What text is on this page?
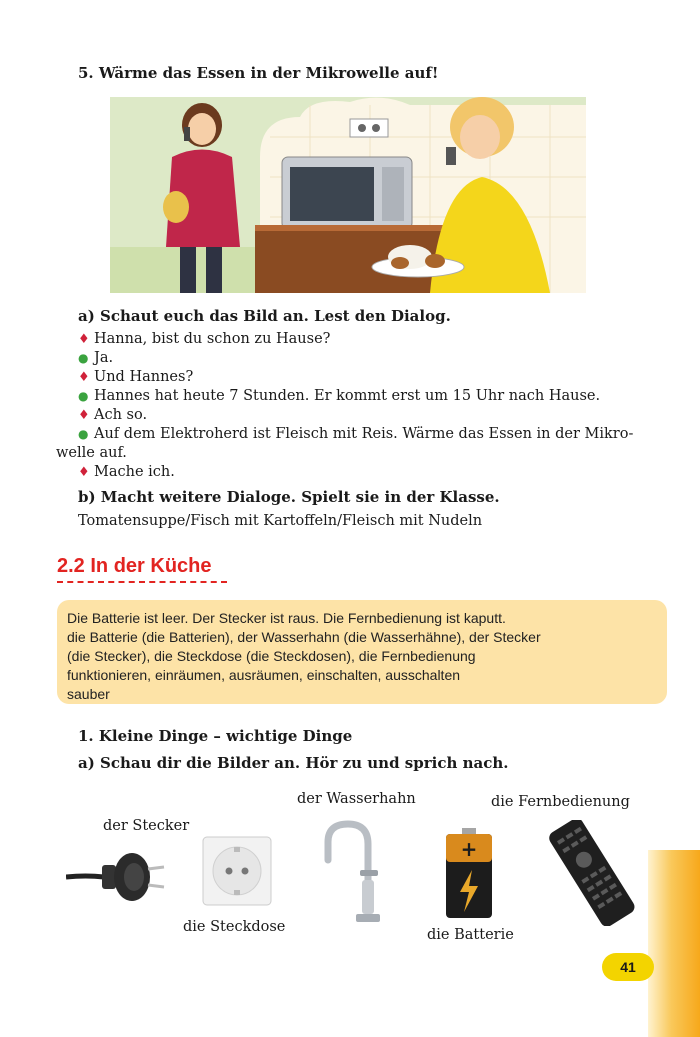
5. Wärme das Essen in der Mikrowelle auf!
a) Schaut euch das Bild an. Lest den Dialog.
♦ Hanna, bist du schon zu Hause?
● Ja.
♦ Und Hannes?
● Hannes hat heute 7 Stunden. Er kommt erst um 15 Uhr nach Hause.
♦ Ach so.
● Auf dem Elektroherd ist Fleisch mit Reis. Wärme das Essen in der Mikro-
welle auf.
♦ Mache ich.
b) Macht weitere Dialoge. Spielt sie in der Klasse.
Tomatensuppe/Fisch mit Kartoffeln/Fleisch mit Nudeln
2.2 In der Küche
Die Batterie ist leer. Der Stecker ist raus. Die Fernbedienung ist kaputt.
die Batterie (die Batterien), der Wasserhahn (die Wasserhähne), der Stecker
(die Stecker), die Steckdose (die Steckdosen), die Fernbedienung
funktionieren, einräumen, ausräumen, einschalten, ausschalten
sauber
1. Kleine Dinge – wichtige Dinge
a) Schau dir die Bilder an. Hör zu und sprich nach.
der Stecker
die Steckdose
der Wasserhahn
die Batterie
die Fernbedienung
+
41
